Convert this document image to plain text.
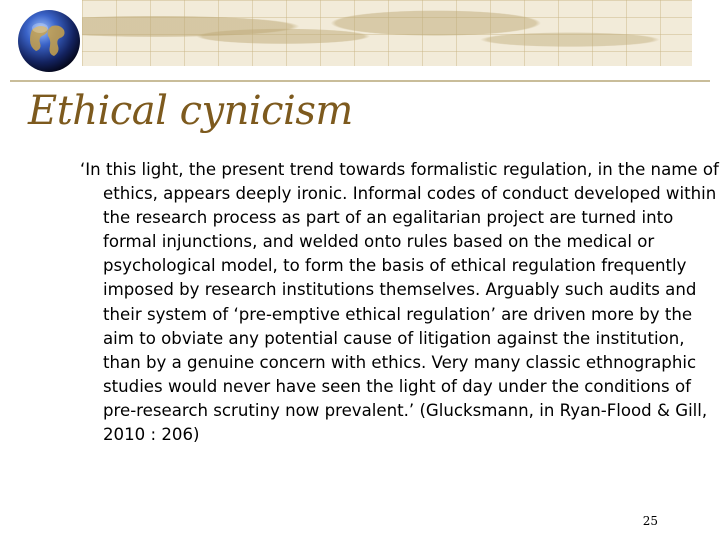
Ethical cynicism

‘In this light, the present trend towards formalistic regulation, in the name of ethics, appears deeply ironic. Informal codes of conduct developed within the research process as part of an egalitarian project are turned into formal injunctions, and welded onto rules based on the medical or psychological model, to form the basis of ethical regulation frequently imposed by research institutions themselves. Arguably such audits and their system of ‘pre-emptive ethical regulation’ are driven more by the aim to obviate any potential cause of litigation against the institution, than by a genuine concern with ethics. Very many classic ethnographic studies would never have seen the light of day under the conditions of pre-research scrutiny now prevalent.’ (Glucksmann, in Ryan-Flood & Gill, 2010 : 206)

25
